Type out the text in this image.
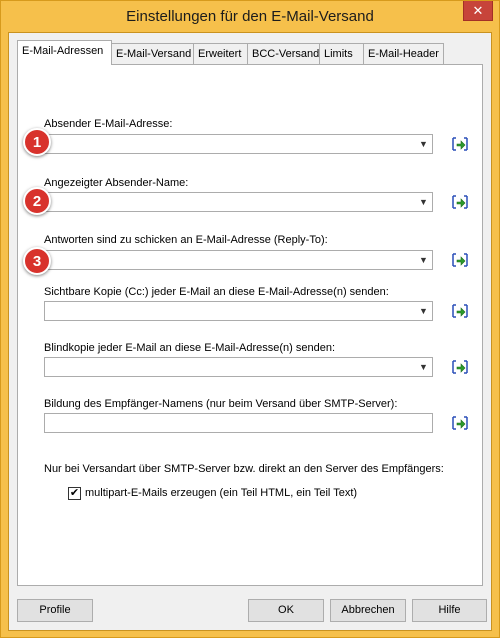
Einstellungen für den E-Mail-Versand	✕
E-Mail-Adressen	E-Mail-Versand Erweitert BCC-Versand Limits	E-Mail-Header
1
Absender E-Mail-Adresse:
▼
2
Angezeigter Absender-Name:
▼
3
Antworten sind zu schicken an E-Mail-Adresse (Reply-To):
▼
Sichtbare Kopie (Cc:) jeder E-Mail an diese E-Mail-Adresse(n) senden:
▼
Blindkopie jeder E-Mail an diese E-Mail-Adresse(n) senden:
▼
Bildung des Empfänger-Namens (nur beim Versand über SMTP-Server):
Nur bei Versandart über SMTP-Server bzw. direkt an den Server des Empfängers:
✔ multipart-E-Mails erzeugen (ein Teil HTML, ein Teil Text)
Profile	OK	Abbrechen	Hilfe
